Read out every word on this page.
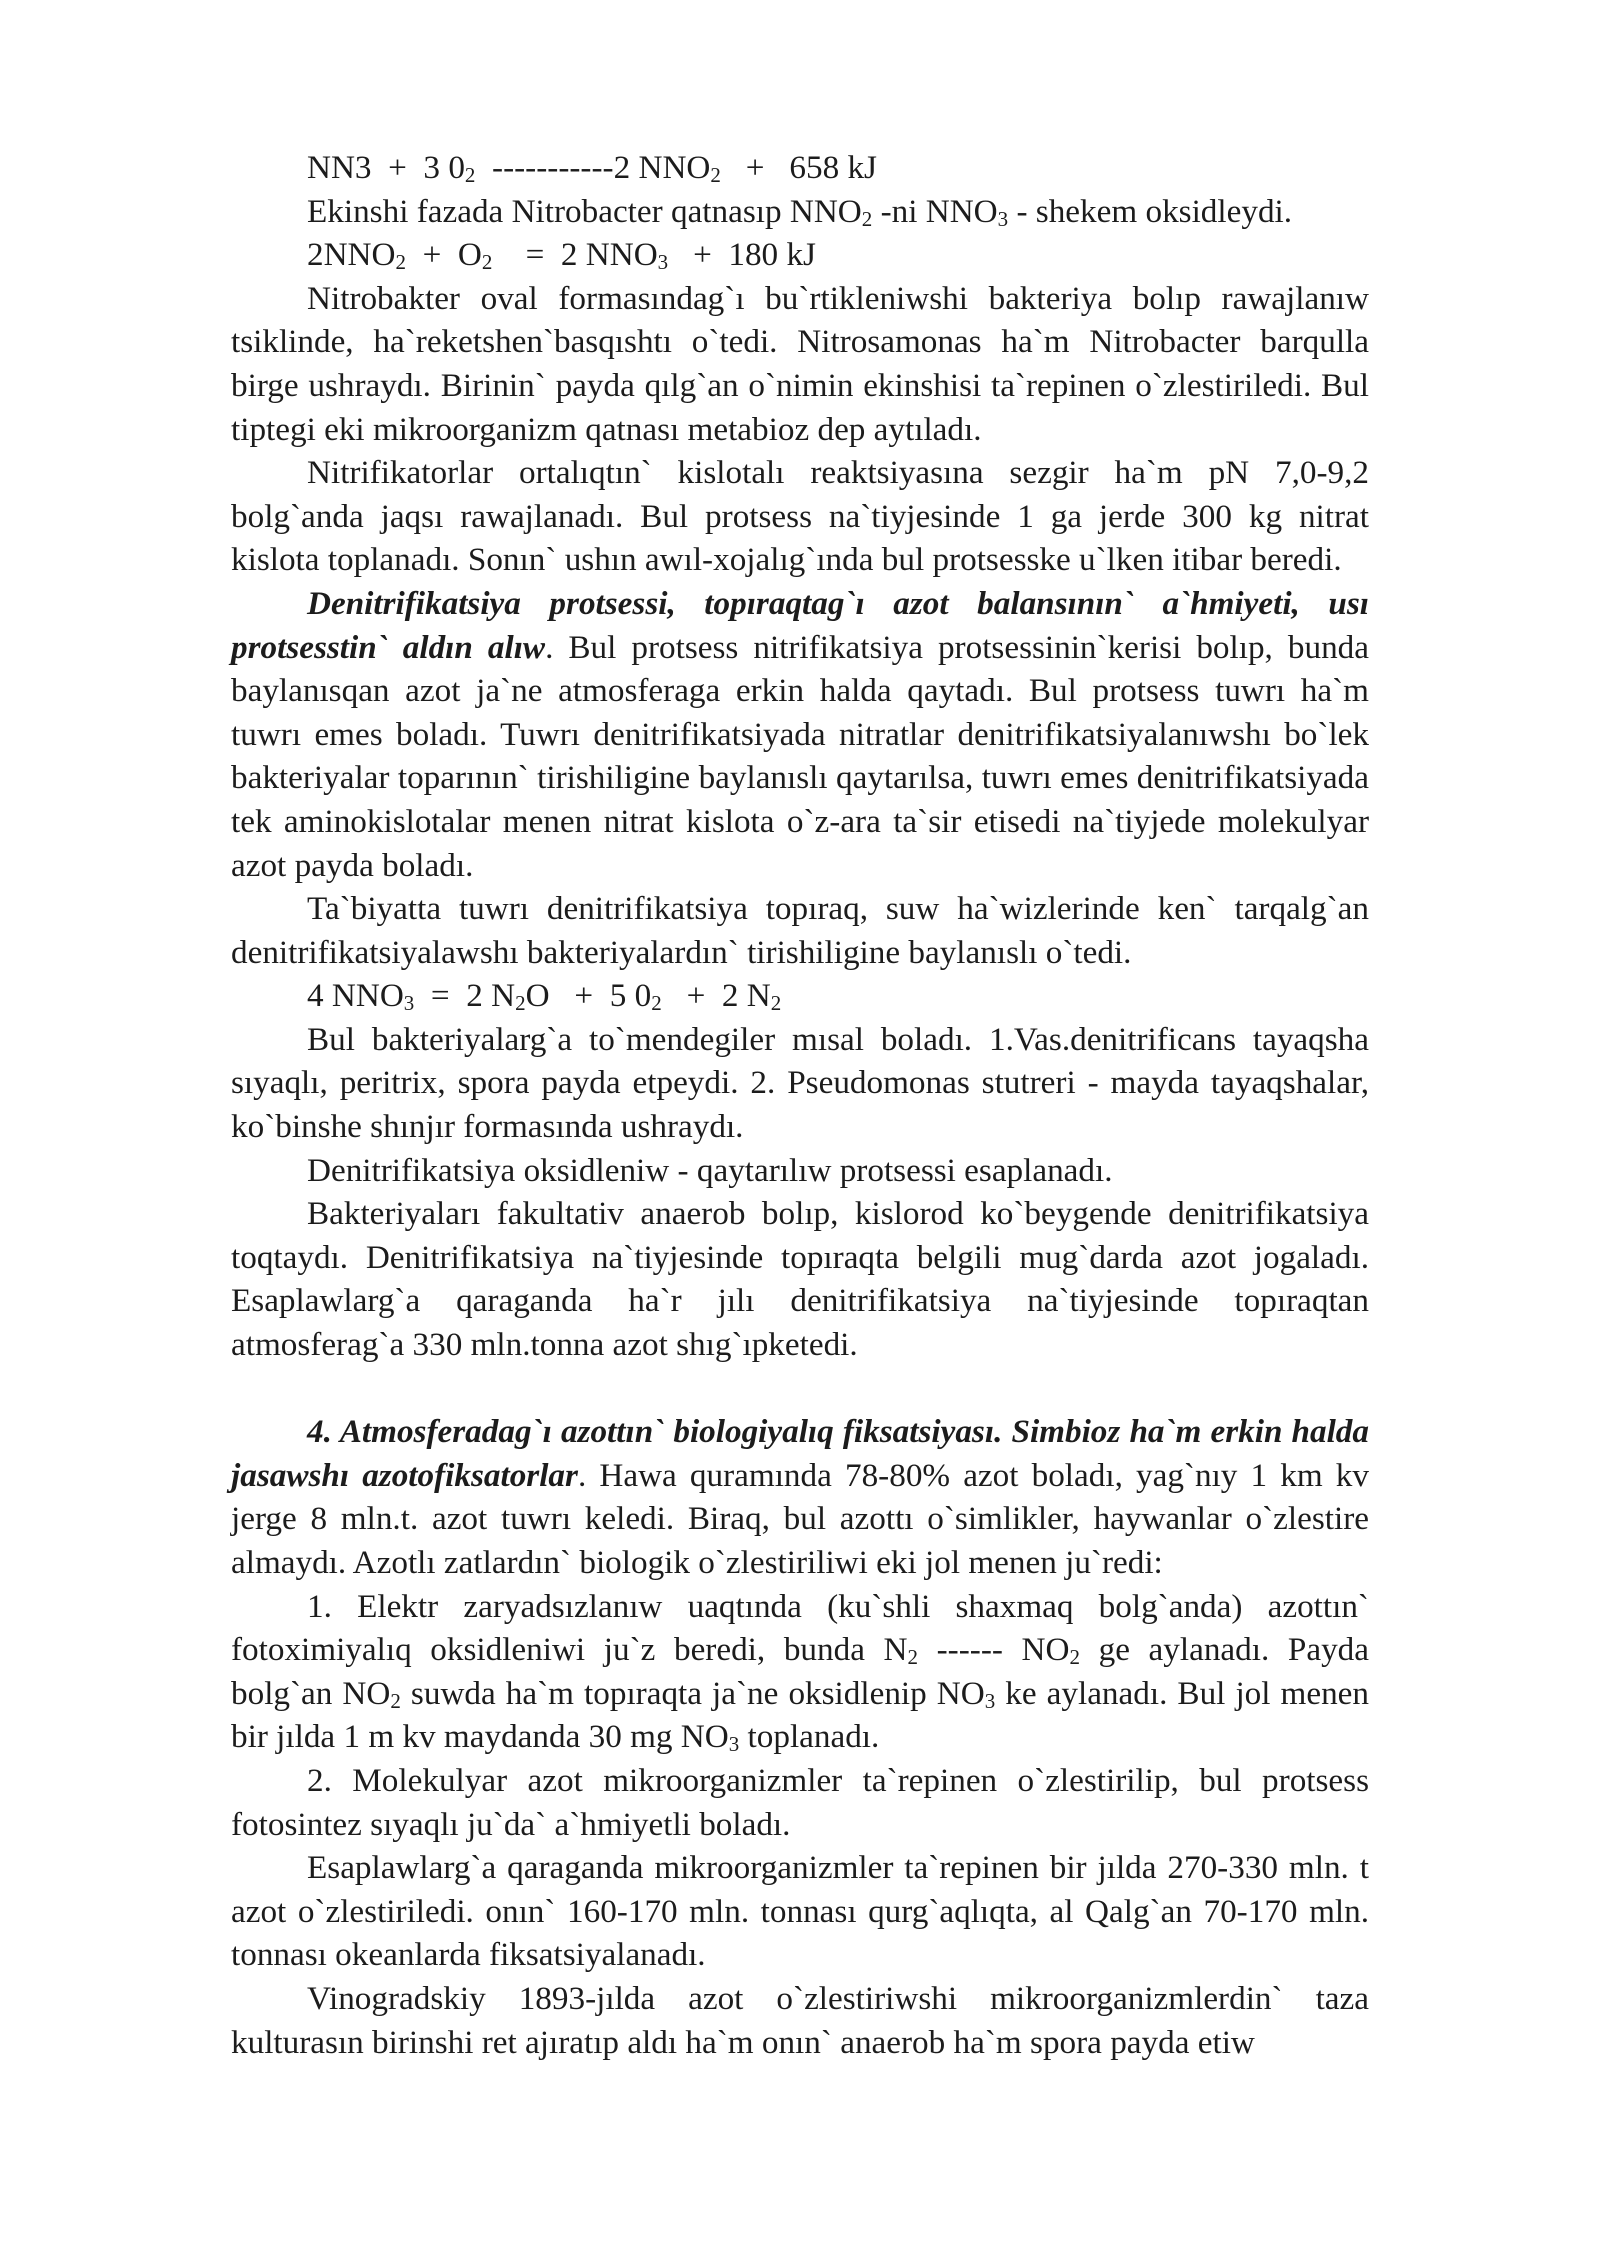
NN3  +  3 $0_2$  -----------2 $NNO_2 + 658$ kJ

Ekinshi fazada Nitrobacter qatnasıp $NNO_2$ -ni $NNO_3$ - shekem oksidleydi.

$2NNO_2 + O_2$    =  2 $NNO_3 + 180$ kJ

Nitrobakter oval formasındag`ı bu`rtikleniwshi bakteriya bolıp rawajlanıw tsiklinde, ha`reketshen`basqıshtı o`tedi. Nitrosamonas ha`m Nitrobacter barqulla birge ushraydı. Birinin` payda qılg`an o`nimin ekinshisi ta`repinen o`zlestiriledi. Bul tiptegi eki mikroorganizm qatnası metabioz dep aytıladı.

Nitrifikatorlar ortalıqtın` kislotalı reaktsiyasına sezgir ha`m pN 7,0-9,2 bolg`anda jaqsı rawajlanadı. Bul protsess na`tiyjesinde 1 ga jerde 300 kg nitrat kislota toplanadı. Sonın` ushın awıl-xojalıg`ında bul protsesske u`lken itibar beredi.

Denitrifikatsiya protsessi, topıraqtag`ı azot balansının` a`hmiyeti, usı protsesstin` aldın alıw. Bul protsess nitrifikatsiya protsessinin`kerisi bolıp, bunda baylanısqan azot ja`ne atmosferaga erkin halda qaytadı. Bul protsess tuwrı ha`m tuwrı emes boladı. Tuwrı denitrifikatsiyada nitratlar denitrifikatsiyalanıwshı bo`lek bakteriyalar toparının` tirishiligine baylanıslı qaytarılsa, tuwrı emes denitrifikatsiyada tek aminokislotalar menen nitrat kislota o`z-ara ta`sir etisedi na`tiyjede molekulyar azot payda boladı.

Ta`biyatta tuwrı denitrifikatsiya topıraq, suw ha`wizlerinde ken` tarqalg`an denitrifikatsiyalawshı bakteriyalardın` tirishiligine baylanıslı o`tedi.

4 $NNO_3 = 2$ $N_2O + 5$ $0_2 + 2$ $N_2$

Bul bakteriyalarg`a to`mendegiler mısal boladı. 1.Vas.denitrificans tayaqsha sıyaqlı, peritrix, spora payda etpeydi. 2. Pseudomonas stutreri - mayda tayaqshalar, ko`binshe shınjır formasında ushraydı.

Denitrifikatsiya oksidleniw - qaytarılıw protsessi esaplanadı.

Bakteriyaları fakultativ anaerob bolıp, kislorod ko`beygende denitrifikatsiya toqtaydı. Denitrifikatsiya na`tiyjesinde topıraqta belgili mug`darda azot jogaladı. Esaplawlarg`a qaraganda ha`r jılı denitrifikatsiya na`tiyjesinde topıraqtan atmosferag`a 330 mln.tonna azot shıg`ıpketedi.

4. Atmosferadag`ı azottın` biologiyalıq fiksatsiyası. Simbioz ha`m erkin halda jasawshı azotofiksatorlar. Hawa quramında 78-80% azot boladı, yag`nıy 1 km kv jerge 8 mln.t. azot tuwrı keledi. Biraq, bul azottı o`simlikler, haywanlar o`zlestire almaydı. Azotlı zatlardın` biologik o`zlestiriliwi eki jol menen ju`redi:

1. Elektr zaryadsızlanıw uaqtında (ku`shli shaxmaq bolg`anda) azottın` fotoximiyalıq oksidleniwi ju`z beredi, bunda $N_2$ ------ $NO_2$ ge aylanadı. Payda bolg`an $NO_2$ suwda ha`m topıraqta ja`ne oksidlenip $NO_3$ ke aylanadı. Bul jol menen bir jılda 1 m kv maydanda 30 mg $NO_3$ toplanadı.

2. Molekulyar azot mikroorganizmler ta`repinen o`zlestirilip, bul protsess fotosintez sıyaqlı ju`da` a`hmiyetli boladı.

Esaplawlarg`a qaraganda mikroorganizmler ta`repinen bir jılda 270-330 mln. t azot o`zlestiriledi. onın` 160-170 mln. tonnası qurg`aqlıqta, al Qalg`an 70-170 mln. tonnası okeanlarda fiksatsiyalanadı.

Vinogradskiy 1893-jılda azot o`zlestiriwshi mikroorganizmlerdin` taza kulturasın birinshi ret ajıratıp aldı ha`m onın` anaerob ha`m spora payda etiw
